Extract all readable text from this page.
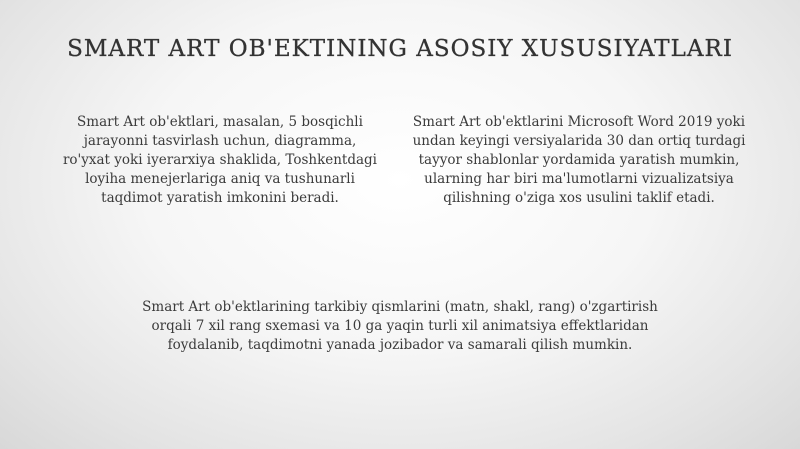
SMART ART OB'EKTINING ASOSIY XUSUSIYATLARI
Smart Art ob'ektlari, masalan, 5 bosqichli jarayonni tasvirlash uchun, diagramma, ro'yxat yoki iyerarxiya shaklida, Toshkentdagi loyiha menejerlariga aniq va tushunarli taqdimot yaratish imkonini beradi.
Smart Art ob'ektlarini Microsoft Word 2019 yoki undan keyingi versiyalarida 30 dan ortiq turdagi tayyor shablonlar yordamida yaratish mumkin, ularning har biri ma'lumotlarni vizualizatsiya qilishning o'ziga xos usulini taklif etadi.
Smart Art ob'ektlarining tarkibiy qismlarini (matn, shakl, rang) o'zgartirish orqali 7 xil rang sxemasi va 10 ga yaqin turli xil animatsiya effektlaridan foydalanib, taqdimotni yanada jozibador va samarali qilish mumkin.
